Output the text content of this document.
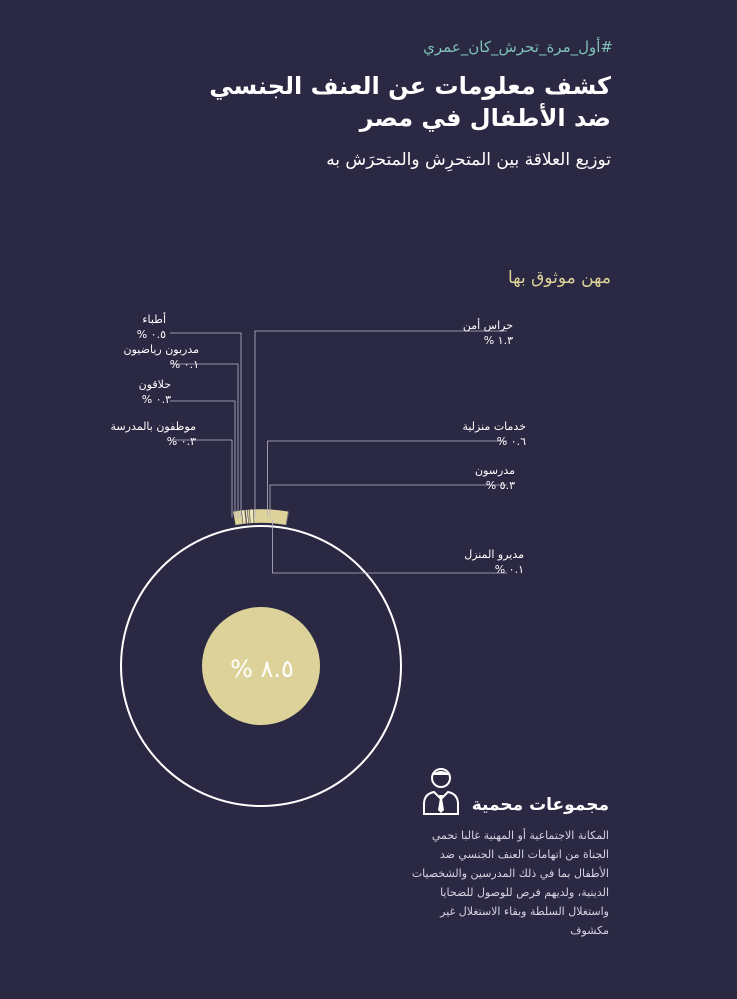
#أول_مرة_تحرش_كان_عمري
كشف معلومات عن العنف الجنسي ضد الأطفال في مصر
توزيع العلاقة بين المتحرِش والمتحرَش به
مهن موثوق بها
أطباء
٠.٥ %
مدربون رياضيون
٠.١ %
حلاقون
٠.٣ %
موظفون بالمدرسة
٠.٣ %
حراس أمن
١.٣ %
خدمات منزلية
٠.٦ %
مدرسون
٥.٣ %
مديرو المنزل
٠.١ %
٨.٥ %
مجموعات محمية
المكانة الاجتماعية أو المهنية غالبا تحمي الجناة من اتهامات العنف الجنسي ضد الأطفال بما في ذلك المدرسين والشخصيات الدينية، ولديهم فرص للوصول للضحايا واستغلال السلطة وبقاء الاستغلال غير مكشوف
